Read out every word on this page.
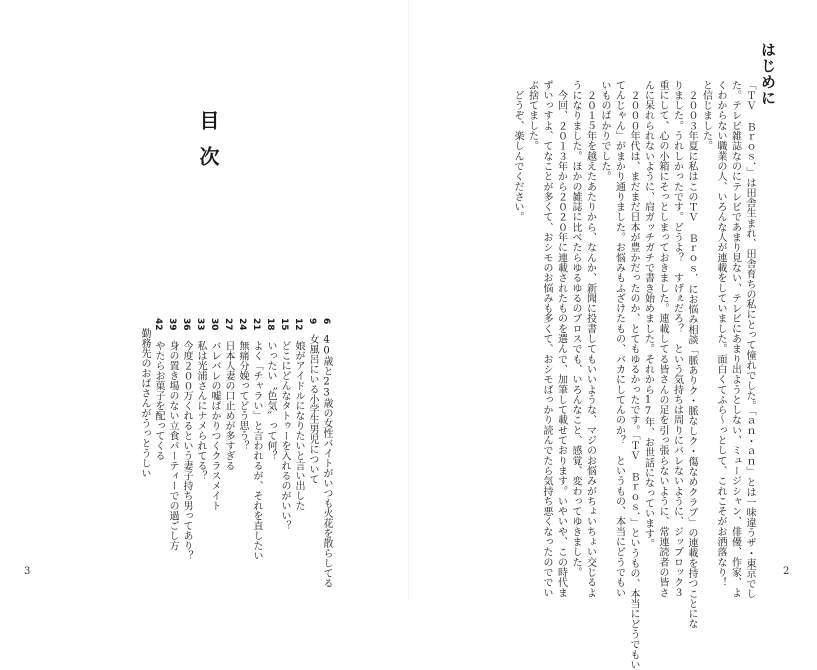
はじめに
「ＴＶ Ｂｒｏｓ．」は田舎生まれ、田舎育ちの私にとって憧れでした。「ａｎ・ａｎ」とは一味違うザ・東京でし
た。テレビ雑誌なのにテレビであまり見ない、テレビにあまり出ようとしない、ミュージシャン、俳優、作家、よ
くわからない職業の人、いろんな人が連載をしていました。面白くてふら〜っとして、これこそがお洒落なり！
と信じました。
　２００３年夏に私はこのＴＶ Ｂｒｏｓ．にお悩み相談「脈ありク・脈なしク・傷なめクラブ」の連載を持つことにな
りました。うれしかったです。どうよ？　すげぇだろ？　という気持ちは周りにバレないように、ジップロック３
重にして、心の小箱にそっとしまっておきました。連載してる皆さんの足を引っ張らないように、常連読者の皆さ
んに呆れられないように、肩ガッチガチで書き始めました。それから17年、お世話になっています。
　２０００年代は、まだまだ日本が豊かだったのか、とてもゆるかったです。「ＴＶ Ｂｒｏｓ．」というもの、本当にどうでもい
てんじゃん」がまかり通りました。お悩みもふざけたもの、バカにしてんのか？　というもの、本当にどうでもい
いものばかりでした。
　２０１５年を越えたあたりから、なんか、新聞に投書してもいいような、マジのお悩みがちょいちょい交じるよ
うになりました。ほかの雑誌に比べたらゆるゆるのブロスでも、いろんなこと、感覚、変わってゆきました。
　今回、２０１３年から２０２０年に連載されたものを選んで、加筆して載せております。いやいや、この時代ま
ずいっすよ、てなことが多くて、おシモのお悩みも多くて、おシモばっかり読んでたら気持ち悪くなったのででい
ぶ捨てました。
　どうぞ、楽しんでください。
目次
6　40歳と23歳の女性バイトがいつも火花を散らしてる
9　女風呂にいる小学生男児について
12　娘がアイドルになりたいと言い出した
15　どこにどんなタトゥーを入れるのがいい？
18　いったい〝色気〟って何？
21　よく「チャラい」と言われるが、それを直したい
24　無痛分娩ってどう思う？
27　日本人妻の口止めが多すぎる
30　バレバレの嘘ばかりつくクラスメイト
33　私は光浦さんにナメられてる？
36　今度２００万くれるという妻子持ち男ってあり？
39　身の置き場のない立食パーティーでの過ごし方
42　やたらお菓子を配ってくる
　勤務先のおばさんがうっとうしい
3	2
